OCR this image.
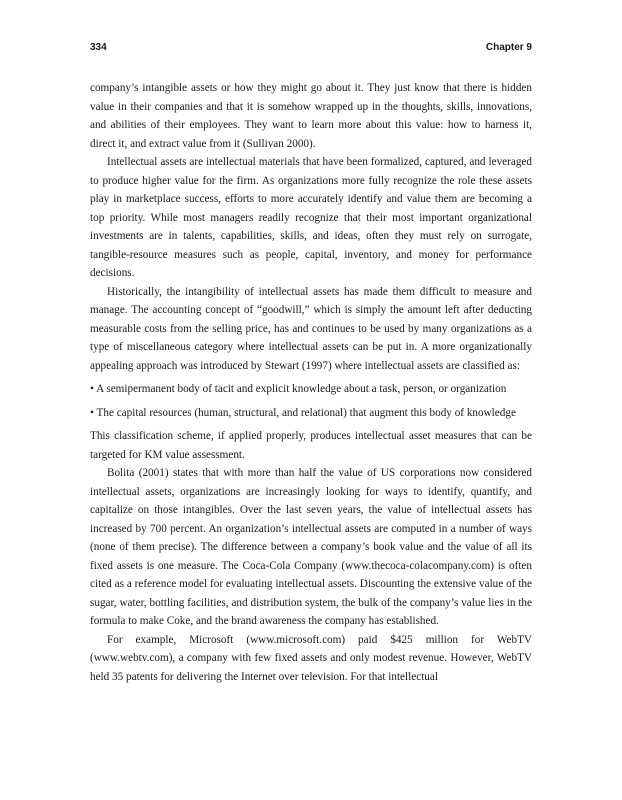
334	Chapter 9

company’s intangible assets or how they might go about it. They just know that there is hidden value in their companies and that it is somehow wrapped up in the thoughts, skills, innovations, and abilities of their employees. They want to learn more about this value: how to harness it, direct it, and extract value from it (Sullivan 2000).

Intellectual assets are intellectual materials that have been formalized, captured, and leveraged to produce higher value for the firm. As organizations more fully recognize the role these assets play in marketplace success, efforts to more accurately identify and value them are becoming a top priority. While most managers readily recognize that their most important organizational investments are in talents, capabilities, skills, and ideas, often they must rely on surrogate, tangible-resource measures such as people, capital, inventory, and money for performance decisions.

Historically, the intangibility of intellectual assets has made them difficult to measure and manage. The accounting concept of “goodwill,” which is simply the amount left after deducting measurable costs from the selling price, has and continues to be used by many organizations as a type of miscellaneous category where intellectual assets can be put in. A more organizationally appealing approach was introduced by Stewart (1997) where intellectual assets are classified as:

• A semipermanent body of tacit and explicit knowledge about a task, person, or organization

• The capital resources (human, structural, and relational) that augment this body of knowledge

This classification scheme, if applied properly, produces intellectual asset measures that can be targeted for KM value assessment.

Bolita (2001) states that with more than half the value of US corporations now considered intellectual assets, organizations are increasingly looking for ways to identify, quantify, and capitalize on those intangibles. Over the last seven years, the value of intellectual assets has increased by 700 percent. An organization’s intellectual assets are computed in a number of ways (none of them precise). The difference between a company’s book value and the value of all its fixed assets is one measure. The Coca-Cola Company (www.thecoca-colacompany.com) is often cited as a reference model for evaluating intellectual assets. Discounting the extensive value of the sugar, water, bottling facilities, and distribution system, the bulk of the company’s value lies in the formula to make Coke, and the brand awareness the company has established.

For example, Microsoft (www.microsoft.com) paid $425 million for WebTV (www.webtv.com), a company with few fixed assets and only modest revenue. However, WebTV held 35 patents for delivering the Internet over television. For that intellectual
